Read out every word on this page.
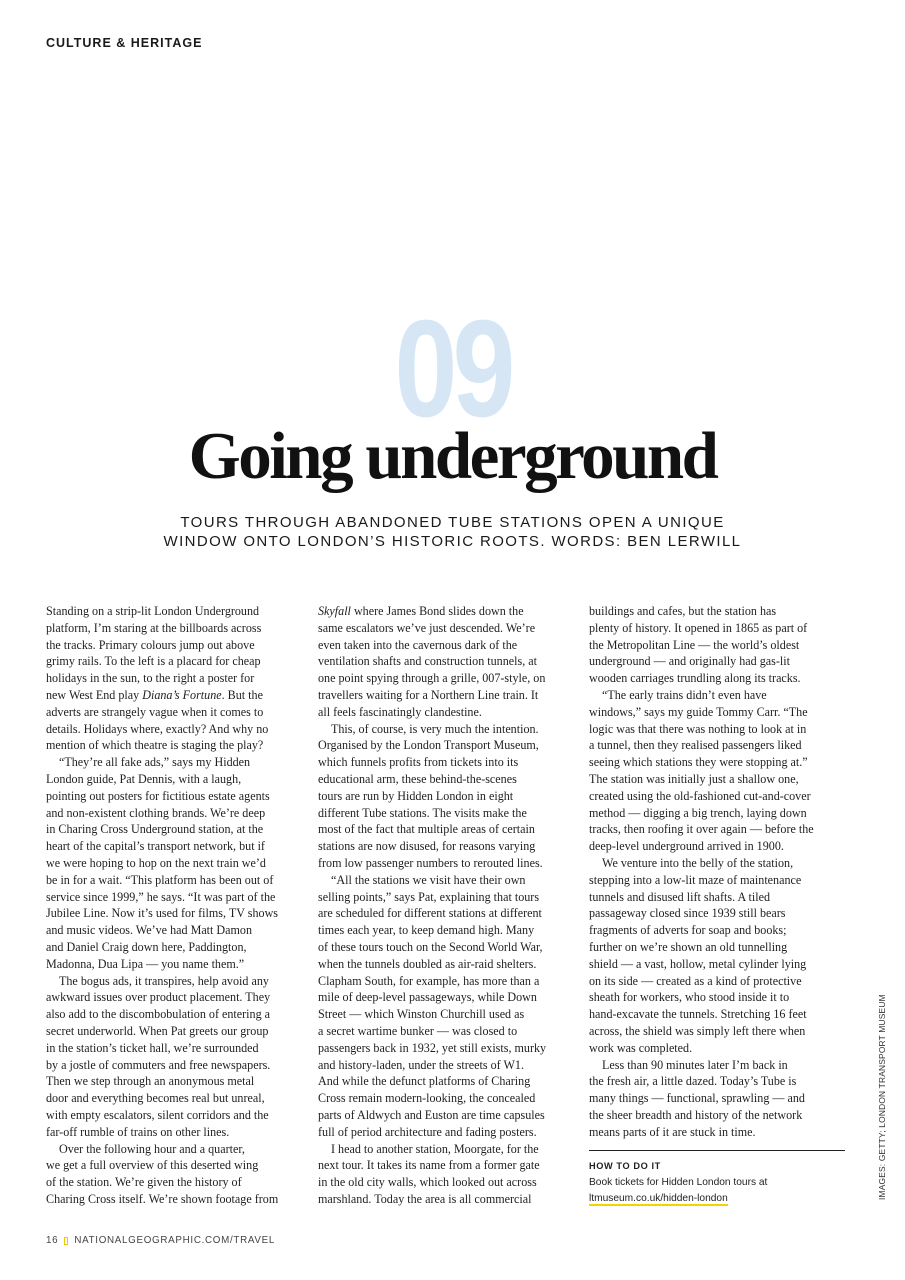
CULTURE & HERITAGE
09
Going underground

TOURS THROUGH ABANDONED TUBE STATIONS OPEN A UNIQUE

WINDOW ONTO LONDON’S HISTORIC ROOTS. WORDS: BEN LERWILL

Standing on a strip-lit London Underground
platform, I’m staring at the billboards across
the tracks. Primary colours jump out above
grimy rails. To the left is a placard for cheap
holidays in the sun, to the right a poster for
new West End play Diana’s Fortune. But the
adverts are strangely vague when it comes to
details. Holidays where, exactly? And why no
mention of which theatre is staging the play?
“They’re all fake ads,” says my Hidden
London guide, Pat Dennis, with a laugh,
pointing out posters for fictitious estate agents
and non-existent clothing brands. We’re deep
in Charing Cross Underground station, at the
heart of the capital’s transport network, but if
we were hoping to hop on the next train we’d
be in for a wait. “This platform has been out of
service since 1999,” he says. “It was part of the
Jubilee Line. Now it’s used for films, TV shows
and music videos. We’ve had Matt Damon
and Daniel Craig down here, Paddington,
Madonna, Dua Lipa — you name them.”
The bogus ads, it transpires, help avoid any
awkward issues over product placement. They
also add to the discombobulation of entering a
secret underworld. When Pat greets our group
in the station’s ticket hall, we’re surrounded
by a jostle of commuters and free newspapers.
Then we step through an anonymous metal
door and everything becomes real but unreal,
with empty escalators, silent corridors and the
far-off rumble of trains on other lines.
Over the following hour and a quarter,
we get a full overview of this deserted wing
of the station. We’re given the history of
Charing Cross itself. We’re shown footage from
Skyfall where James Bond slides down the
same escalators we’ve just descended. We’re
even taken into the cavernous dark of the
ventilation shafts and construction tunnels, at
one point spying through a grille, 007-style, on
travellers waiting for a Northern Line train. It
all feels fascinatingly clandestine.
This, of course, is very much the intention.
Organised by the London Transport Museum,
which funnels profits from tickets into its
educational arm, these behind-the-scenes
tours are run by Hidden London in eight
different Tube stations. The visits make the
most of the fact that multiple areas of certain
stations are now disused, for reasons varying
from low passenger numbers to rerouted lines.
“All the stations we visit have their own
selling points,” says Pat, explaining that tours
are scheduled for different stations at different
times each year, to keep demand high. Many
of these tours touch on the Second World War,
when the tunnels doubled as air-raid shelters.
Clapham South, for example, has more than a
mile of deep-level passageways, while Down
Street — which Winston Churchill used as
a secret wartime bunker — was closed to
passengers back in 1932, yet still exists, murky
and history-laden, under the streets of W1.
And while the defunct platforms of Charing
Cross remain modern-looking, the concealed
parts of Aldwych and Euston are time capsules
full of period architecture and fading posters.
I head to another station, Moorgate, for the
next tour. It takes its name from a former gate
in the old city walls, which looked out across
marshland. Today the area is all commercial
buildings and cafes, but the station has
plenty of history. It opened in 1865 as part of
the Metropolitan Line — the world’s oldest
underground — and originally had gas-lit
wooden carriages trundling along its tracks.
“The early trains didn’t even have
windows,” says my guide Tommy Carr. “The
logic was that there was nothing to look at in
a tunnel, then they realised passengers liked
seeing which stations they were stopping at.”
The station was initially just a shallow one,
created using the old-fashioned cut-and-cover
method — digging a big trench, laying down
tracks, then roofing it over again — before the
deep-level underground arrived in 1900.
We venture into the belly of the station,
stepping into a low-lit maze of maintenance
tunnels and disused lift shafts. A tiled
passageway closed since 1939 still bears
fragments of adverts for soap and books;
further on we’re shown an old tunnelling
shield — a vast, hollow, metal cylinder lying
on its side — created as a kind of protective
sheath for workers, who stood inside it to
hand-excavate the tunnels. Stretching 16 feet
across, the shield was simply left there when
work was completed.
Less than 90 minutes later I’m back in
the fresh air, a little dazed. Today’s Tube is
many things — functional, sprawling — and
the sheer breadth and history of the network
means parts of it are stuck in time.
HOW TO DO IT
Book tickets for Hidden London tours at
ltmuseum.co.uk/hidden-london	IMAGES: GETTY; LONDON TRANSPORT MUSEUM
16 NATIONALGEOGRAPHIC.COM/TRAVEL
